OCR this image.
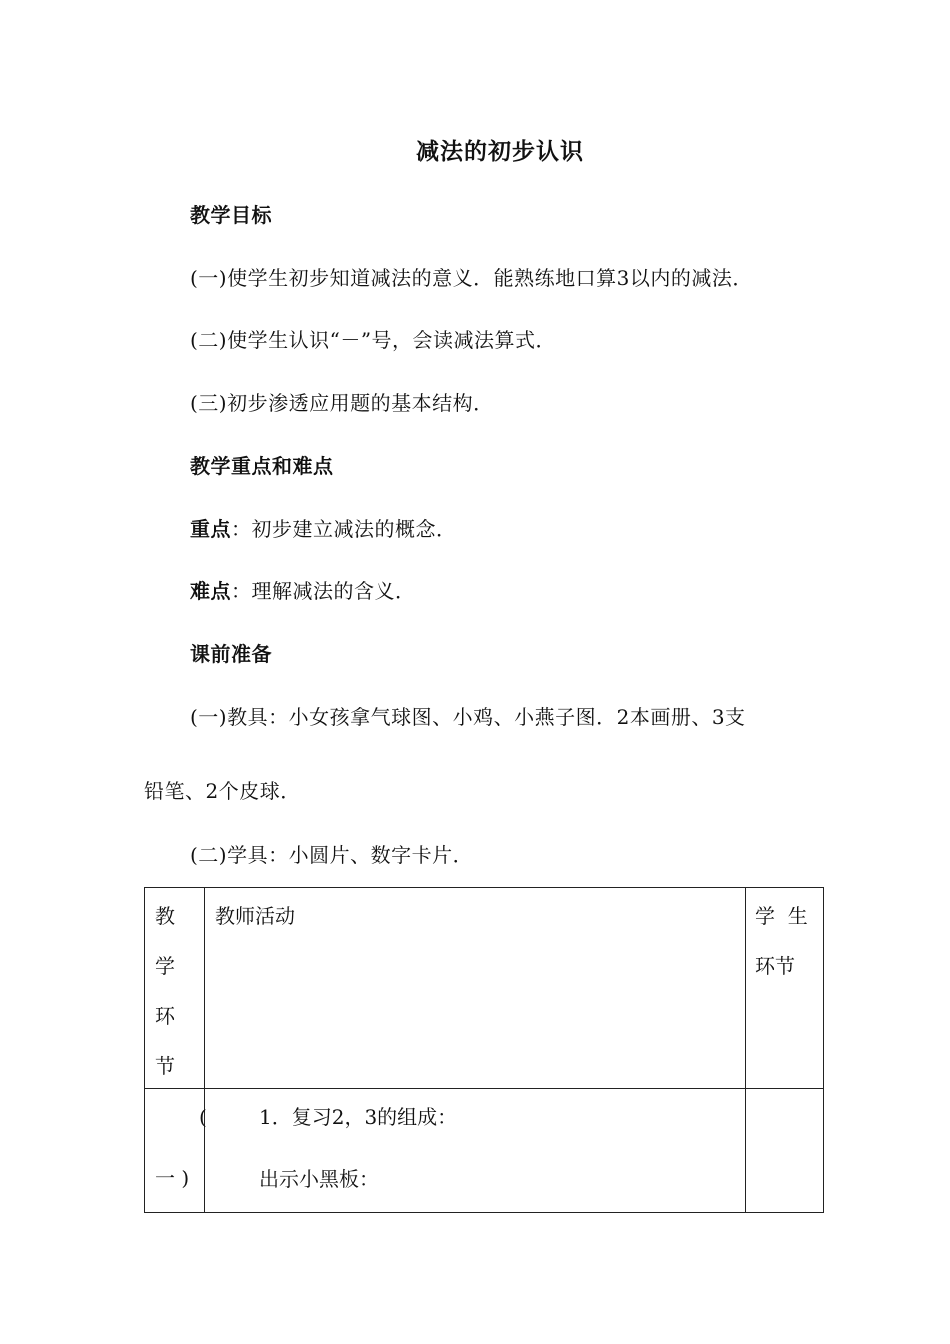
减法的初步认识
教学目标
(一)使学生初步知道减法的意义．能熟练地口算3以内的减法．
(二)使学生认识“－”号，会读减法算式．
(三)初步渗透应用题的基本结构．
教学重点和难点
重点：初步建立减法的概念．
难点：理解减法的含义．
课前准备
(一)教具：小女孩拿气球图、小鸡、小燕子图．2本画册、3支
铅笔、2个皮球．
(二)学具：小圆片、数字卡片．
教
学
环
节
教师活动	学  生
环节
(
一 )
1．复习2，3的组成：
出示小黑板：
